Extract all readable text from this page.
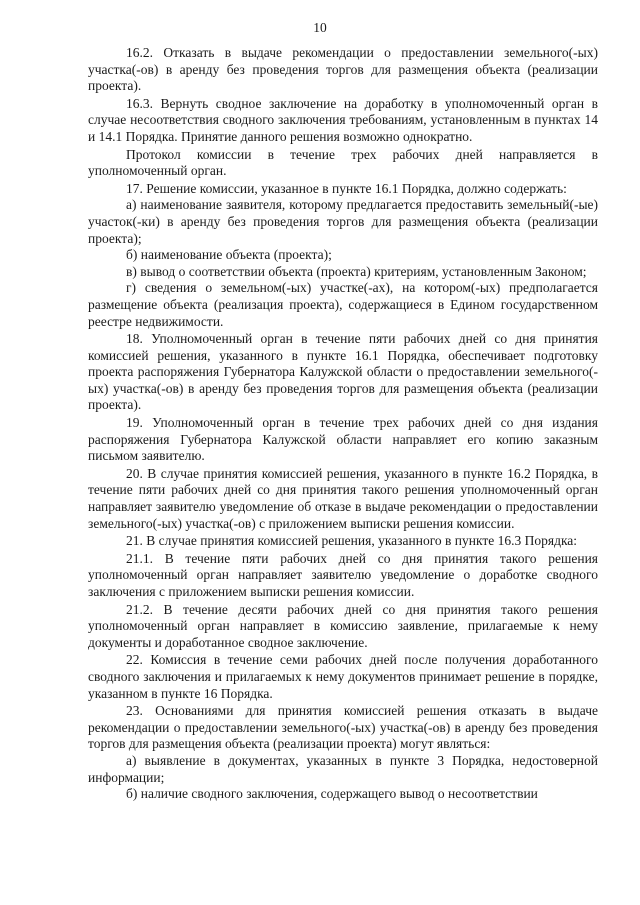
10

16.2. Отказать в выдаче рекомендации о предоставлении земельного(-ых) участка(-ов) в аренду без проведения торгов для размещения объекта (реализации проекта).

16.3. Вернуть сводное заключение на доработку в уполномоченный орган в случае несоответствия сводного заключения требованиям, установленным в пунктах 14 и 14.1 Порядка. Принятие данного решения возможно однократно.

Протокол комиссии в течение трех рабочих дней направляется в уполномоченный орган.

17. Решение комиссии, указанное в пункте 16.1 Порядка, должно содержать:

а) наименование заявителя, которому предлагается предоставить земельный(-ые) участок(-ки) в аренду без проведения торгов для размещения объекта (реализации проекта);

б) наименование объекта (проекта);

в) вывод о соответствии объекта (проекта) критериям, установленным Законом;

г) сведения о земельном(-ых) участке(-ах), на котором(-ых) предполагается размещение объекта (реализация проекта), содержащиеся в Едином государственном реестре недвижимости.

18. Уполномоченный орган в течение пяти рабочих дней со дня принятия комиссией решения, указанного в пункте 16.1 Порядка, обеспечивает подготовку проекта распоряжения Губернатора Калужской области о предоставлении земельного(-ых) участка(-ов) в аренду без проведения торгов для размещения объекта (реализации проекта).

19. Уполномоченный орган в течение трех рабочих дней со дня издания распоряжения Губернатора Калужской области направляет его копию заказным письмом заявителю.

20. В случае принятия комиссией решения, указанного в пункте 16.2 Порядка, в течение пяти рабочих дней со дня принятия такого решения уполномоченный орган направляет заявителю уведомление об отказе в выдаче рекомендации о предоставлении земельного(-ых) участка(-ов) с приложением выписки решения комиссии.

21. В случае принятия комиссией решения, указанного в пункте 16.3 Порядка:

21.1. В течение пяти рабочих дней со дня принятия такого решения уполномоченный орган направляет заявителю уведомление о доработке сводного заключения с приложением выписки решения комиссии.

21.2. В течение десяти рабочих дней со дня принятия такого решения уполномоченный орган направляет в комиссию заявление, прилагаемые к нему документы и доработанное сводное заключение.

22. Комиссия в течение семи рабочих дней после получения доработанного сводного заключения и прилагаемых к нему документов принимает решение в порядке, указанном в пункте 16 Порядка.

23. Основаниями для принятия комиссией решения отказать в выдаче рекомендации о предоставлении земельного(-ых) участка(-ов) в аренду без проведения торгов для размещения объекта (реализации проекта) могут являться:

а) выявление в документах, указанных в пункте 3 Порядка, недостоверной информации;

б) наличие сводного заключения, содержащего вывод о несоответствии
